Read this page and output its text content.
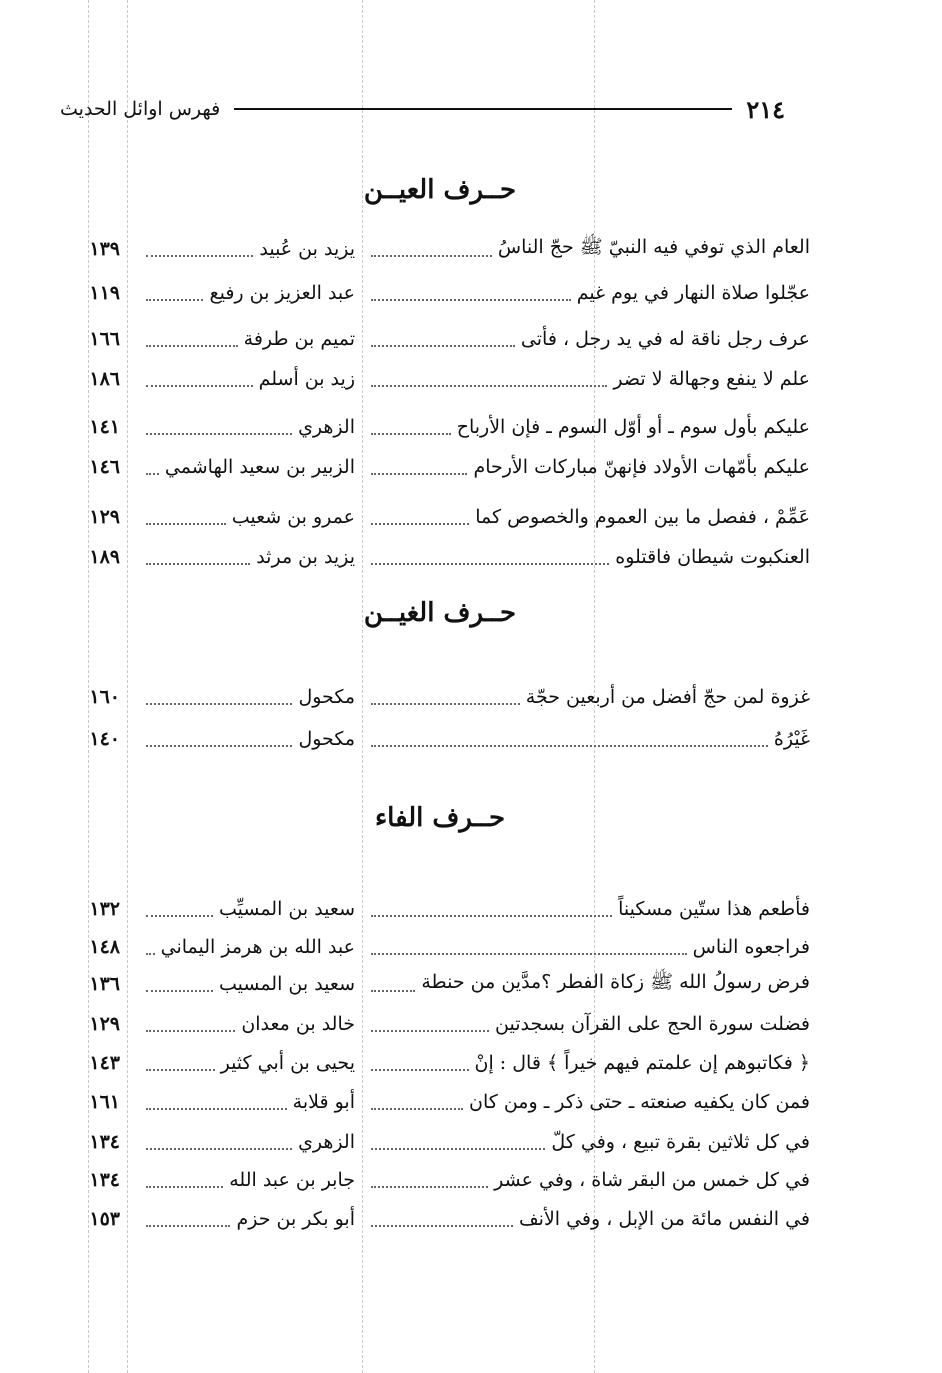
٢١٤
فهرس اوائل الحديث
حــرف العيــن
العام الذي توفي فيه النبيّ ﷺ حجّ الناسُ
يزيد بن عُبيد
١٣٩
عجّلوا صلاة النهار في يوم غيم
عبد العزيز بن رفيع
١١٩
عرف رجل ناقة له في يد رجل ، فأتى
تميم بن طرفة
١٦٦
علم لا ينفع وجهالة لا تضر
زيد بن أسلم
١٨٦
عليكم بأول سوم ـ أو أوّل السوم ـ فإن الأرباح
الزهري
١٤١
عليكم بأمّهات الأولاد فإنهنّ مباركات الأرحام
الزبير بن سعيد الهاشمي
١٤٦
عَمِّمْ ، ففصل ما بين العموم والخصوص كما
عمرو بن شعيب
١٢٩
العنكبوت شيطان فاقتلوه
يزيد بن مرثد
١٨٩
حــرف الغيــن
غزوة لمن حجّ أفضل من أربعين حجّة
مكحول
١٦٠
غَيْرُهُ
مكحول
١٤٠
حــرف الفاء
فأطعم هذا ستّين مسكيناً
سعيد بن المسيِّب
١٣٢
فراجعوه الناس
عبد الله بن هرمز اليماني
١٤٨
فرض رسولُ الله ﷺ زكاة الفطر ؟مدَّين من حنطة
سعيد بن المسيب
١٣٦
فضلت سورة الحج على القرآن بسجدتين
خالد بن معدان
١٢٩
﴿ فكاتبوهم إن علمتم فيهم خيراً ﴾ قال : إنْ
يحيى بن أبي كثير
١٤٣
فمن كان يكفيه صنعته ـ حتى ذكر ـ ومن كان
أبو قلابة
١٦١
في كل ثلاثين بقرة تبيع ، وفي كلّ
الزهري
١٣٤
في كل خمس من البقر شاة ، وفي عشر
جابر بن عبد الله
١٣٤
في النفس مائة من الإبل ، وفي الأنف
أبو بكر بن حزم
١٥٣
